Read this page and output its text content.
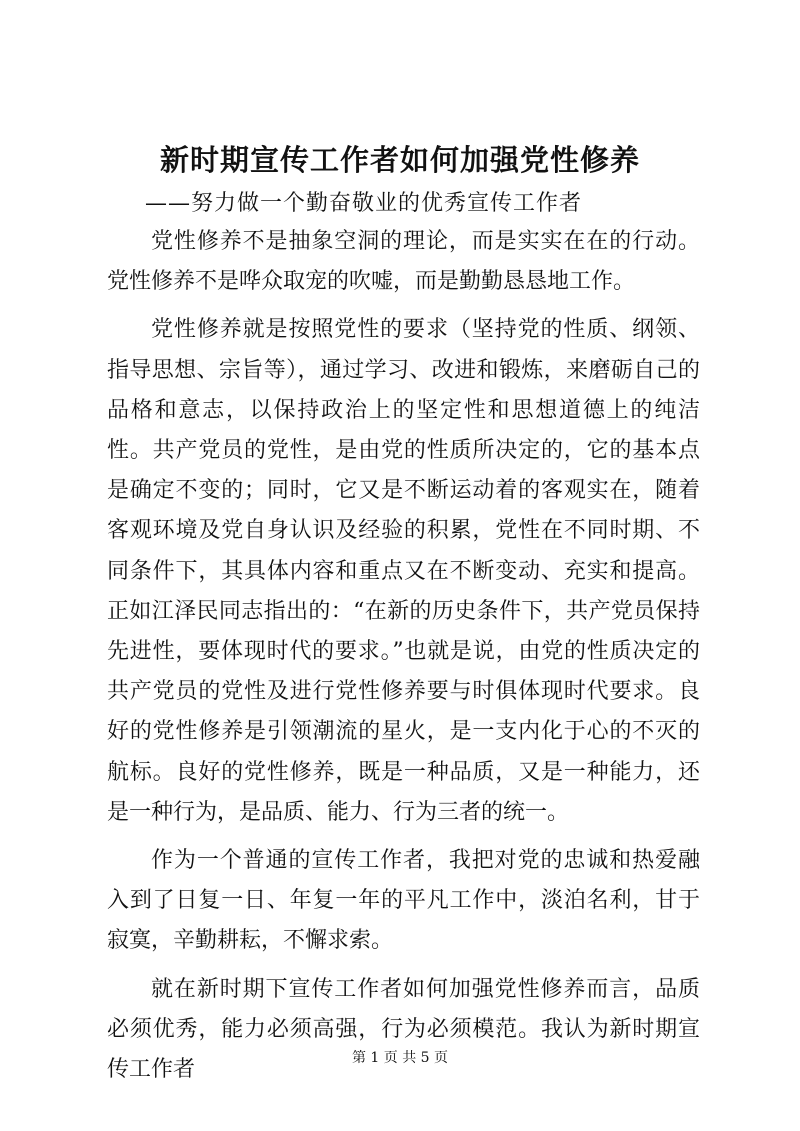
新时期宣传工作者如何加强党性修养
——努力做一个勤奋敬业的优秀宣传工作者

党性修养不是抽象空洞的理论，而是实实在在的行动。党性修养不是哗众取宠的吹嘘，而是勤勤恳恳地工作。

党性修养就是按照党性的要求（坚持党的性质、纲领、指导思想、宗旨等），通过学习、改进和锻炼，来磨砺自己的品格和意志，以保持政治上的坚定性和思想道德上的纯洁性。共产党员的党性，是由党的性质所决定的，它的基本点是确定不变的；同时，它又是不断运动着的客观实在，随着客观环境及党自身认识及经验的积累，党性在不同时期、不同条件下，其具体内容和重点又在不断变动、充实和提高。正如江泽民同志指出的：“在新的历史条件下，共产党员保持先进性，要体现时代的要求。”也就是说，由党的性质决定的共产党员的党性及进行党性修养要与时俱体现时代要求。良好的党性修养是引领潮流的星火，是一支内化于心的不灭的航标。良好的党性修养，既是一种品质，又是一种能力，还是一种行为，是品质、能力、行为三者的统一。

作为一个普通的宣传工作者，我把对党的忠诚和热爱融入到了日复一日、年复一年的平凡工作中，淡泊名利，甘于寂寞，辛勤耕耘，不懈求索。

就在新时期下宣传工作者如何加强党性修养而言，品质必须优秀，能力必须高强，行为必须模范。我认为新时期宣传工作者	第 1 页 共 5 页
